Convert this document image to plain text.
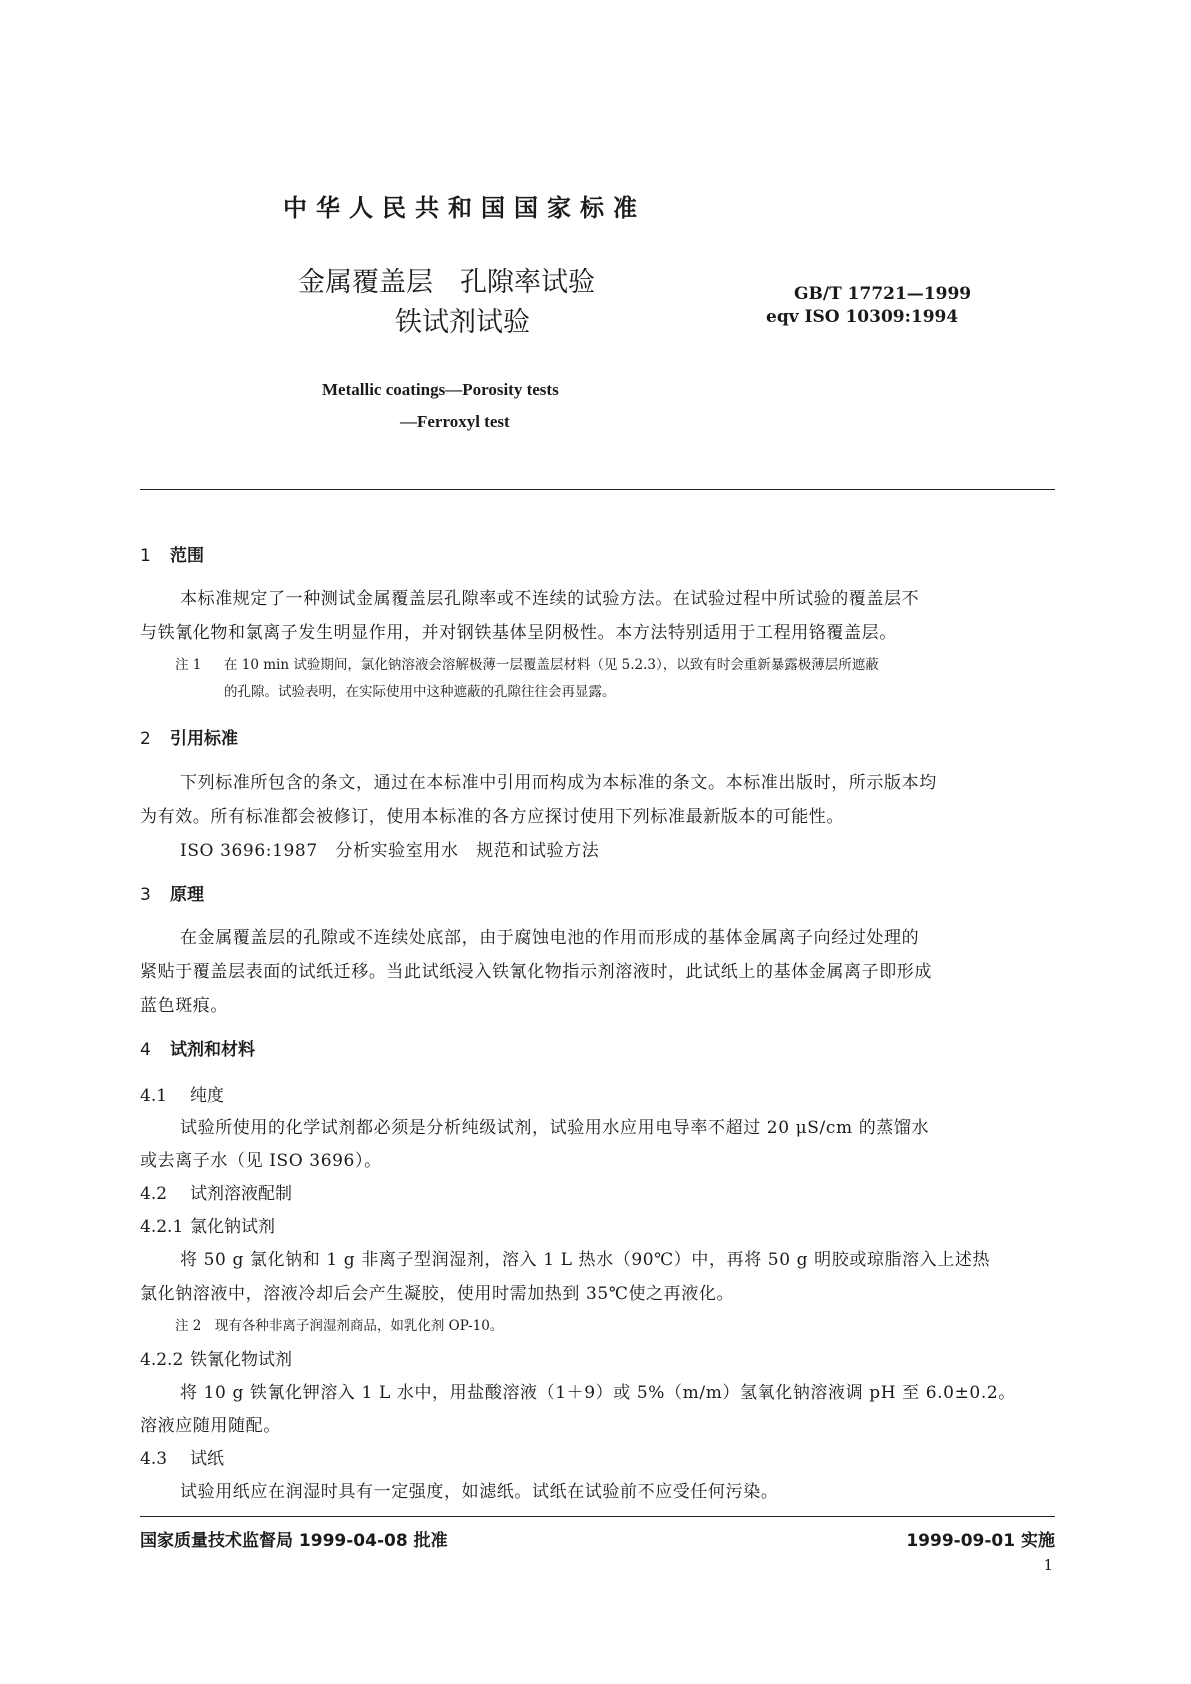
中华人民共和国国家标准
金属覆盖层　孔隙率试验
铁试剂试验
GB/T 17721—1999
eqv ISO 10309:1994
Metallic coatings—Porosity tests
—Ferroxyl test
1 范围
本标准规定了一种测试金属覆盖层孔隙率或不连续的试验方法。在试验过程中所试验的覆盖层不
与铁氰化物和氯离子发生明显作用，并对钢铁基体呈阴极性。本方法特别适用于工程用铬覆盖层。
注 1 在 10 min 试验期间，氯化钠溶液会溶解极薄一层覆盖层材料（见 5.2.3），以致有时会重新暴露极薄层所遮蔽
的孔隙。试验表明，在实际使用中这种遮蔽的孔隙往往会再显露。
2 引用标准
下列标准所包含的条文，通过在本标准中引用而构成为本标准的条文。本标准出版时，所示版本均
为有效。所有标准都会被修订，使用本标准的各方应探讨使用下列标准最新版本的可能性。
ISO 3696:1987　分析实验室用水　规范和试验方法
3 原理
在金属覆盖层的孔隙或不连续处底部，由于腐蚀电池的作用而形成的基体金属离子向经过处理的
紧贴于覆盖层表面的试纸迁移。当此试纸浸入铁氰化物指示剂溶液时，此试纸上的基体金属离子即形成
蓝色斑痕。
4 试剂和材料
4.1 纯度
试验所使用的化学试剂都必须是分析纯级试剂，试验用水应用电导率不超过 20 μS/cm 的蒸馏水
或去离子水（见 ISO 3696）。
4.2 试剂溶液配制
4.2.1 氯化钠试剂
将 50 g 氯化钠和 1 g 非离子型润湿剂，溶入 1 L 热水（90℃）中，再将 50 g 明胶或琼脂溶入上述热
氯化钠溶液中，溶液冷却后会产生凝胶，使用时需加热到 35℃使之再液化。
注 2　现有各种非离子润湿剂商品，如乳化剂 OP-10。
4.2.2 铁氰化物试剂
将 10 g 铁氰化钾溶入 1 L 水中，用盐酸溶液（1＋9）或 5%（m/m）氢氧化钠溶液调 pH 至 6.0±0.2。
溶液应随用随配。
4.3 试纸
试验用纸应在润湿时具有一定强度，如滤纸。试纸在试验前不应受任何污染。
国家质量技术监督局 1999-04-08 批准	1999-09-01 实施
1
